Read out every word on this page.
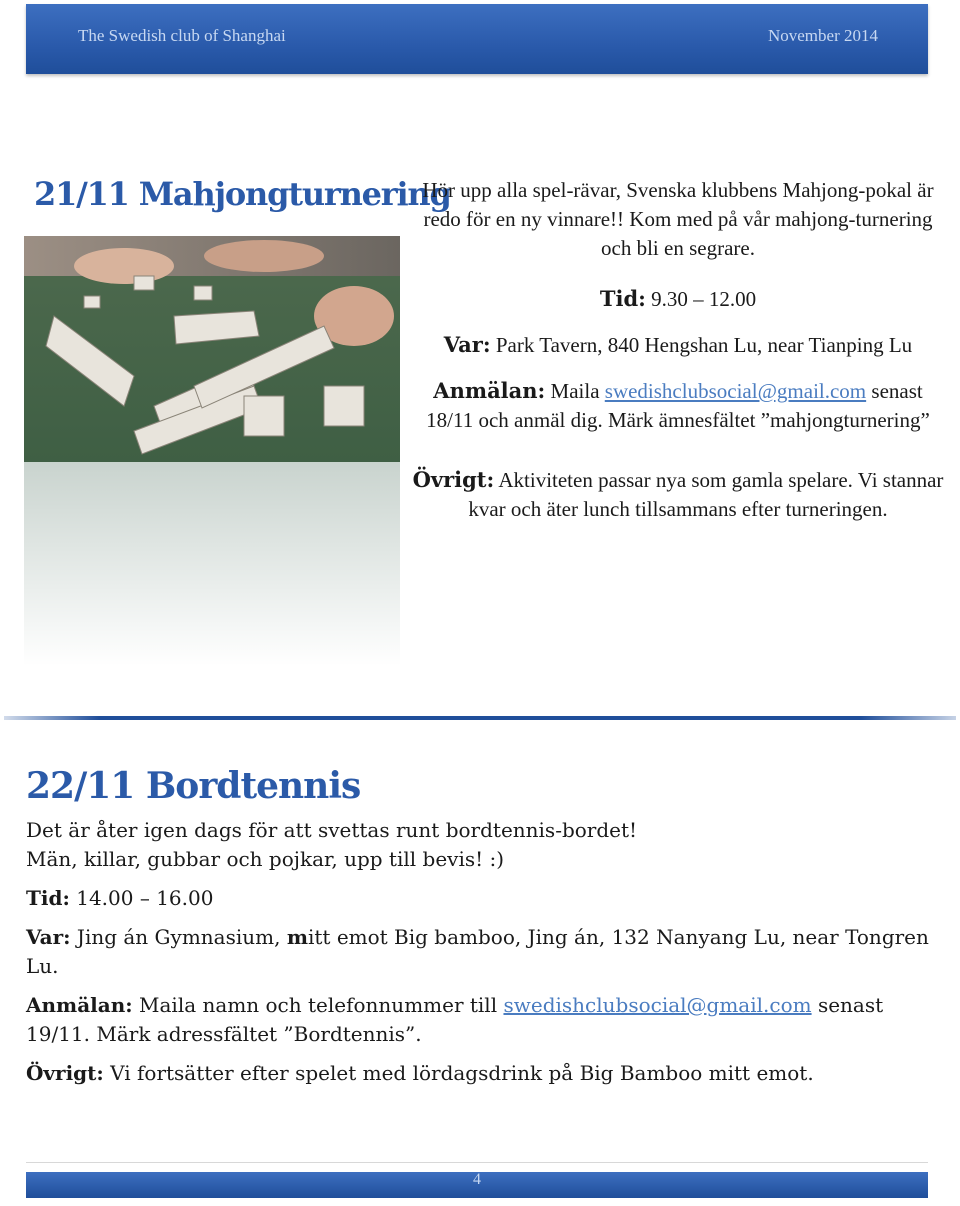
The Swedish club of Shanghai	November 2014
21/11 Mahjongturnering

Hör upp alla spel-rävar, Svenska klubbens Mahjong-pokal är redo för en ny vinnare!! Kom med på vår mahjong-turnering och bli en segrare.

Tid: 9.30 – 12.00

Var: Park Tavern, 840 Hengshan Lu, near Tianping Lu

Anmälan: Maila swedishclubsocial@gmail.com senast 18/11 och anmäl dig. Märk ämnesfältet ”mahjongturnering”

Övrigt: Aktiviteten passar nya som gamla spelare. Vi stannar kvar och äter lunch tillsammans efter turneringen.

22/11 Bordtennis

Det är åter igen dags för att svettas runt bordtennis-bordet!

Män, killar, gubbar och pojkar, upp till bevis! :)

Tid: 14.00 – 16.00

Var: Jing án Gymnasium, mitt emot Big bamboo, Jing án, 132 Nanyang Lu, near Tongren Lu.

Anmälan: Maila namn och telefonnummer till swedishclubsocial@gmail.com senast 19/11. Märk adressfältet ”Bordtennis”.

Övrigt: Vi fortsätter efter spelet med lördagsdrink på Big Bamboo mitt emot.

4
